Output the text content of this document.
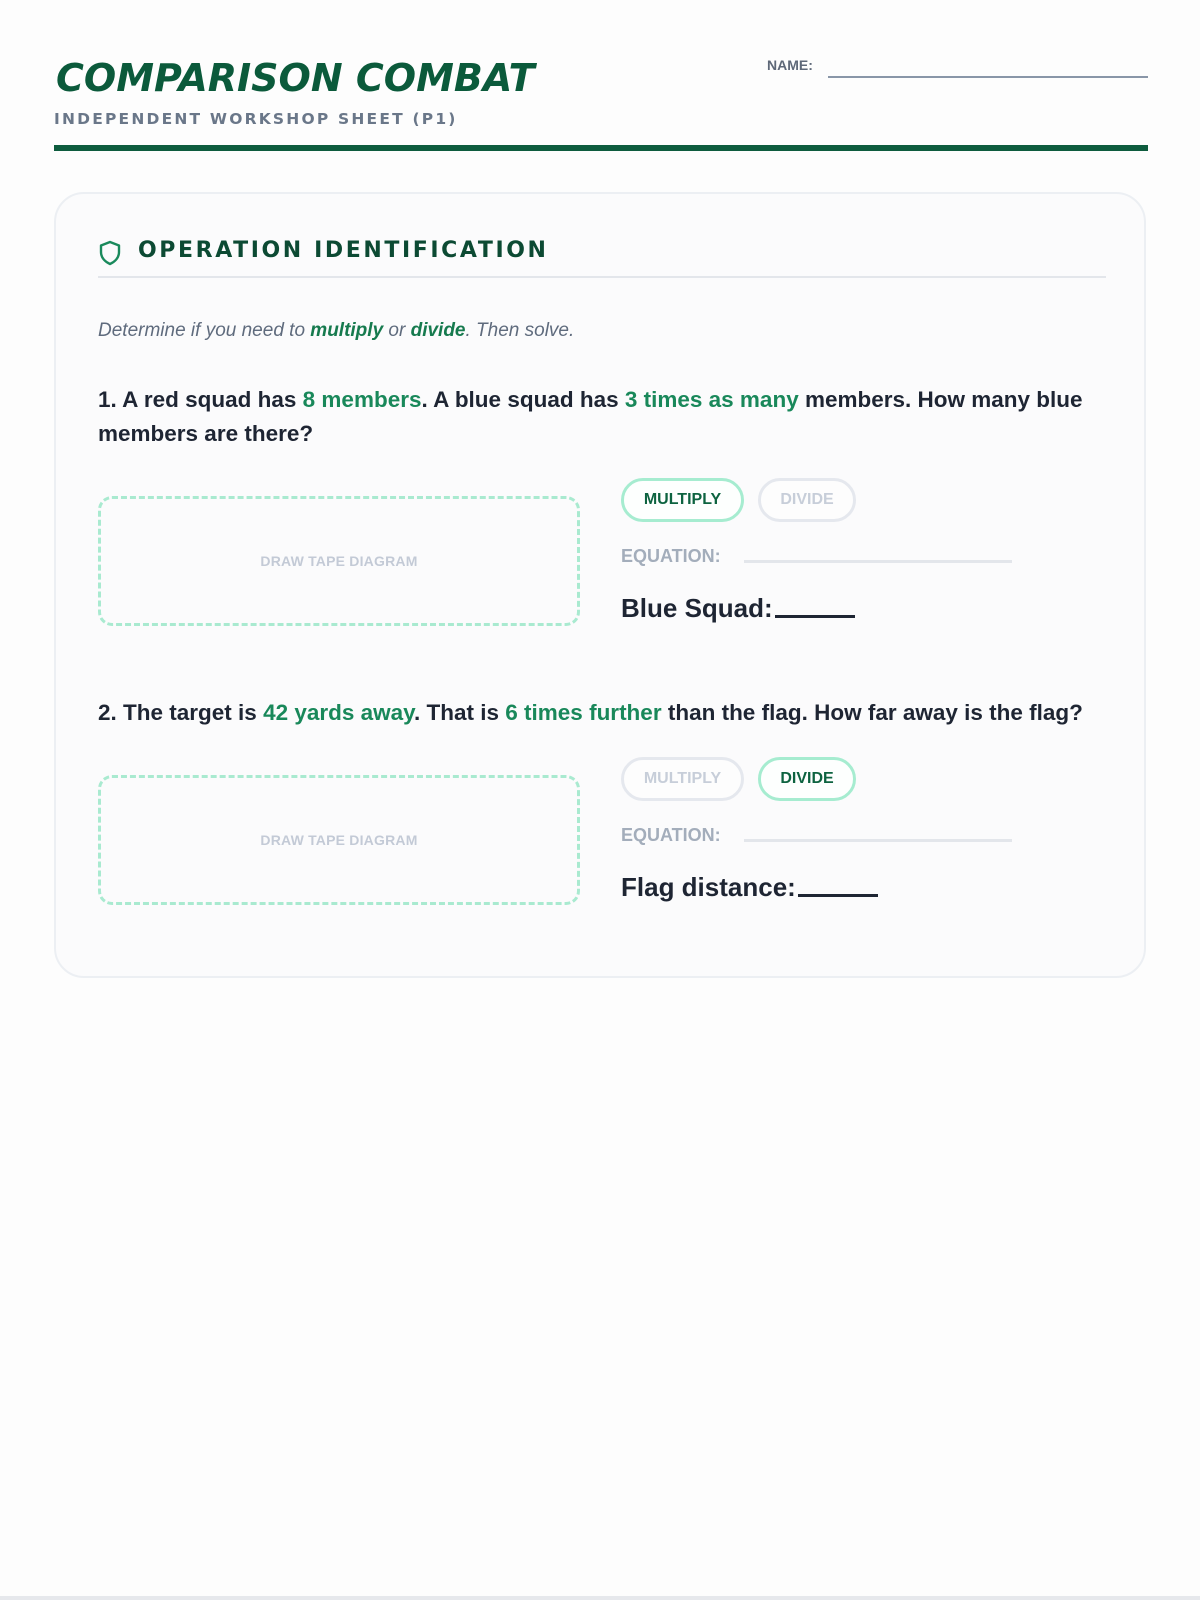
COMPARISON COMBAT
INDEPENDENT WORKSHOP SHEET (P1)
NAME:
OPERATION IDENTIFICATION
Determine if you need to multiply or divide. Then solve.
1. A red squad has 8 members. A blue squad has 3 times as many members. How many blue members are there?
DRAW TAPE DIAGRAM
MULTIPLY	DIVIDE
EQUATION:
Blue Squad:
2. The target is 42 yards away. That is 6 times further than the flag. How far away is the flag?
DRAW TAPE DIAGRAM
MULTIPLY	DIVIDE
EQUATION:
Flag distance:
